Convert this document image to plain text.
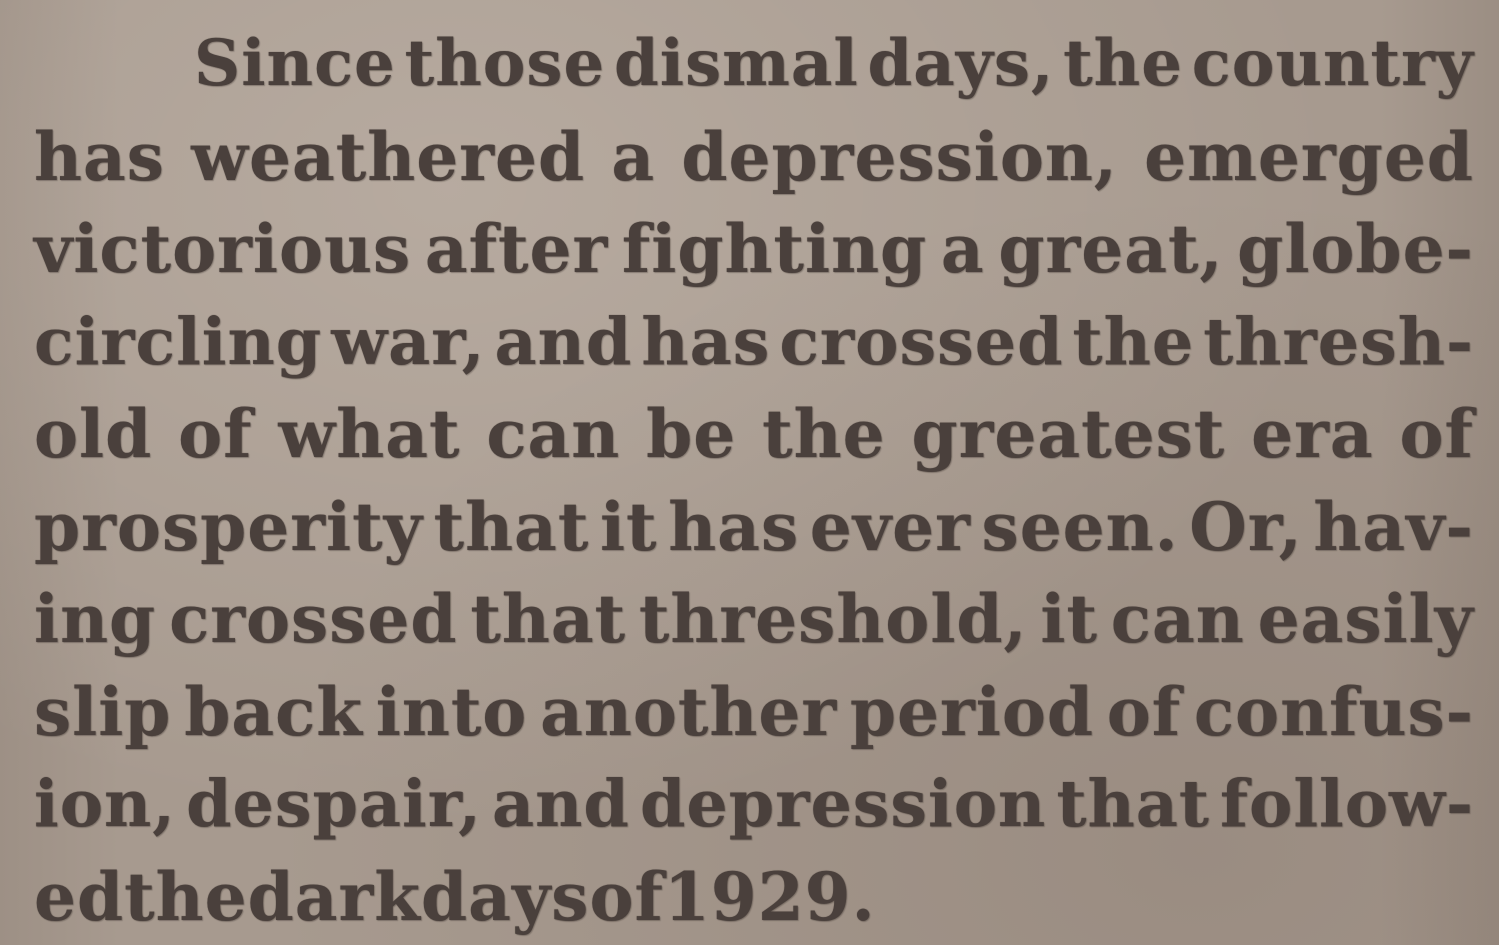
Since those dismal days, the country
has weathered a depression, emerged
victorious after fighting a great, globe-
circling war, and has crossed the thresh-
old of what can be the greatest era of
prosperity that it has ever seen. Or, hav-
ing crossed that threshold, it can easily
slip back into another period of confus-
ion, despair, and depression that follow-
ed the dark days of 1929.
